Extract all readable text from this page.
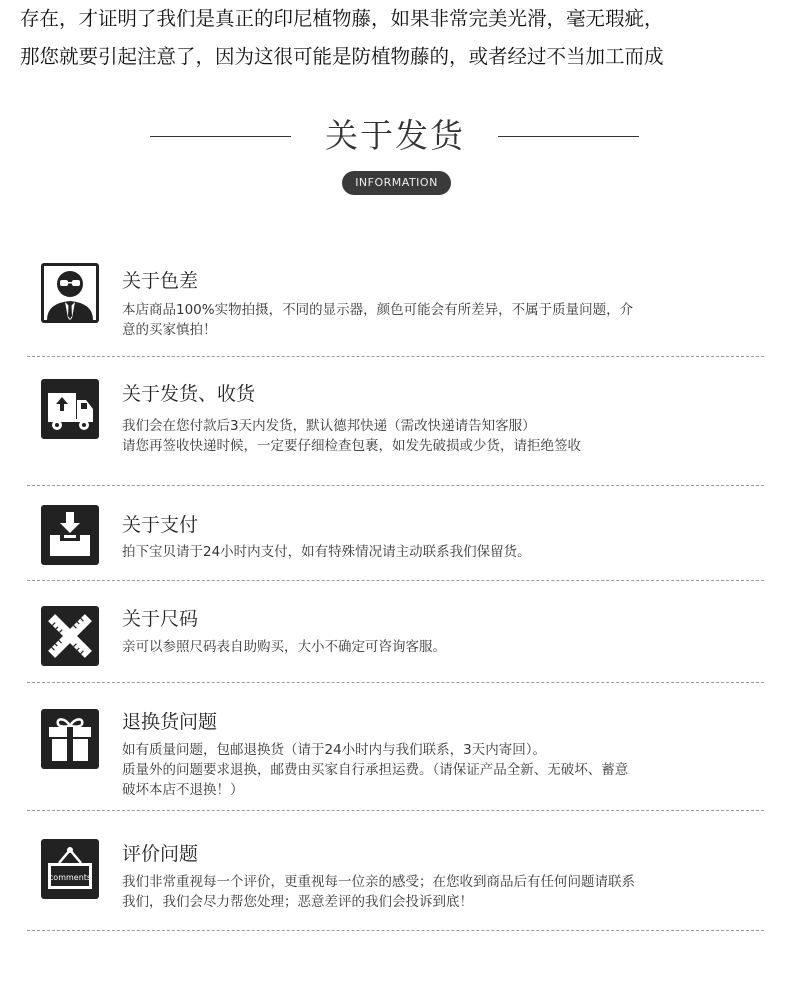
存在，才证明了我们是真正的印尼植物藤，如果非常完美光滑，毫无瑕疵，

那您就要引起注意了，因为这很可能是防植物藤的，或者经过不当加工而成

关于发货
INFORMATION
关于色差
本店商品100%实物拍摄，不同的显示器，颜色可能会有所差异，不属于质量问题，介
意的买家慎拍！
关于发货、收货
我们会在您付款后3天内发货，默认德邦快递（需改快递请告知客服）
请您再签收快递时候，一定要仔细检查包裹，如发先破损或少货，请拒绝签收
关于支付
拍下宝贝请于24小时内支付，如有特殊情况请主动联系我们保留货。
关于尺码
亲可以参照尺码表自助购买，大小不确定可咨询客服。
退换货问题
如有质量问题，包邮退换货（请于24小时内与我们联系，3天内寄回）。
质量外的问题要求退换，邮费由买家自行承担运费。（请保证产品全新、无破坏、蓄意
破坏本店不退换！）
comments
评价问题
我们非常重视每一个评价，更重视每一位亲的感受；在您收到商品后有任何问题请联系
我们，我们会尽力帮您处理；恶意差评的我们会投诉到底！
